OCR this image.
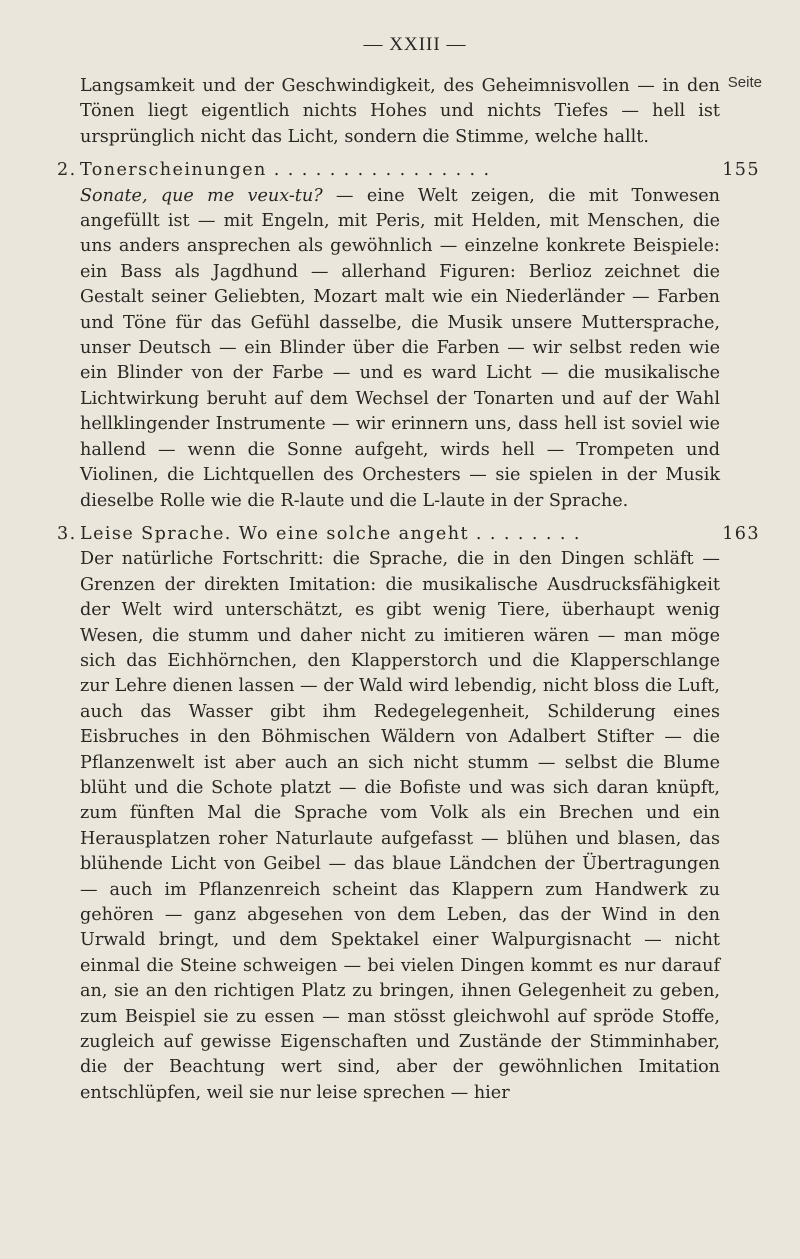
— XXIII —
Seite
Langsamkeit und der Geschwindigkeit, des Geheimnisvollen — in den Tönen liegt eigentlich nichts Hohes und nichts Tiefes — hell ist ursprünglich nicht das Licht, sondern die Stimme, welche hallt.
2. Tonerscheinungen . . . . . . . . . . . . . . . .	155
Sonate, que me veux-tu? — eine Welt zeigen, die mit Tonwesen angefüllt ist — mit Engeln, mit Peris, mit Helden, mit Menschen, die uns anders ansprechen als gewöhnlich — einzelne konkrete Beispiele: ein Bass als Jagdhund — allerhand Figuren: Berlioz zeichnet die Gestalt seiner Geliebten, Mozart malt wie ein Niederländer — Farben und Töne für das Gefühl dasselbe, die Musik unsere Muttersprache, unser Deutsch — ein Blinder über die Farben — wir selbst reden wie ein Blinder von der Farbe — und es ward Licht — die musikalische Lichtwirkung beruht auf dem Wechsel der Tonarten und auf der Wahl hellklingender Instrumente — wir erinnern uns, dass hell ist soviel wie hallend — wenn die Sonne aufgeht, wirds hell — Trompeten und Violinen, die Lichtquellen des Orchesters — sie spielen in der Musik dieselbe Rolle wie die R-laute und die L-laute in der Sprache.
3. Leise Sprache. Wo eine solche angeht . . . . . . . .	163
Der natürliche Fortschritt: die Sprache, die in den Dingen schläft — Grenzen der direkten Imitation: die musikalische Ausdrucksfähigkeit der Welt wird unterschätzt, es gibt wenig Tiere, überhaupt wenig Wesen, die stumm und daher nicht zu imitieren wären — man möge sich das Eichhörnchen, den Klapperstorch und die Klapperschlange zur Lehre dienen lassen — der Wald wird lebendig, nicht bloss die Luft, auch das Wasser gibt ihm Redegelegenheit, Schilderung eines Eisbruches in den Böhmischen Wäldern von Adalbert Stifter — die Pflanzenwelt ist aber auch an sich nicht stumm — selbst die Blume blüht und die Schote platzt — die Bofiste und was sich daran knüpft, zum fünften Mal die Sprache vom Volk als ein Brechen und ein Herausplatzen roher Naturlaute aufgefasst — blühen und blasen, das blühende Licht von Geibel — das blaue Ländchen der Übertragungen — auch im Pflanzenreich scheint das Klappern zum Handwerk zu gehören — ganz abgesehen von dem Leben, das der Wind in den Urwald bringt, und dem Spektakel einer Walpurgisnacht — nicht einmal die Steine schweigen — bei vielen Dingen kommt es nur darauf an, sie an den richtigen Platz zu bringen, ihnen Gelegenheit zu geben, zum Beispiel sie zu essen — man stösst gleichwohl auf spröde Stoffe, zugleich auf gewisse Eigenschaften und Zustände der Stimminhaber, die der Beachtung wert sind, aber der gewöhnlichen Imitation entschlüpfen, weil sie nur leise sprechen — hier
